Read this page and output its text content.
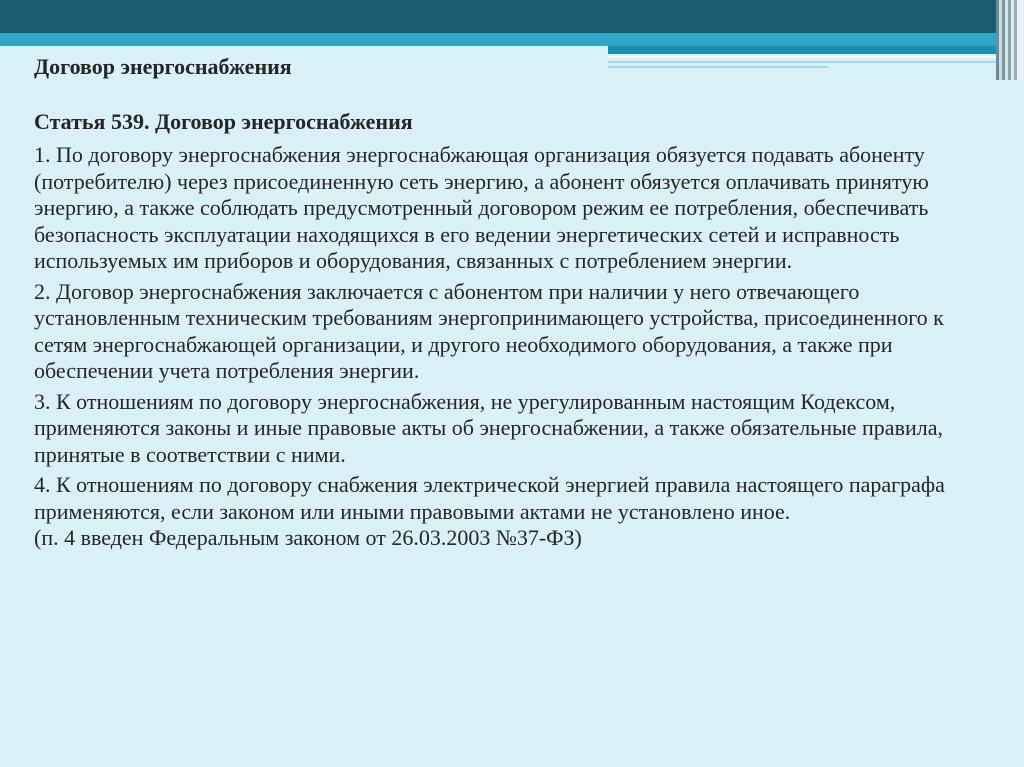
Договор энергоснабжения
Статья 539. Договор энергоснабжения
1. По договору энергоснабжения энергоснабжающая организация обязуется подавать абоненту (потребителю) через присоединенную сеть энергию, а абонент обязуется оплачивать принятую энергию, а также соблюдать предусмотренный договором режим ее потребления, обеспечивать безопасность эксплуатации находящихся в его ведении энергетических сетей и исправность используемых им приборов и оборудования, связанных с потреблением энергии.
2. Договор энергоснабжения заключается с абонентом при наличии у него отвечающего установленным техническим требованиям энергопринимающего устройства, присоединенного к сетям энергоснабжающей организации, и другого необходимого оборудования, а также при обеспечении учета потребления энергии.
3. К отношениям по договору энергоснабжения, не урегулированным настоящим Кодексом, применяются законы и иные правовые акты об энергоснабжении, а также обязательные правила, принятые в соответствии с ними.
4. К отношениям по договору снабжения электрической энергией правила настоящего параграфа применяются, если законом или иными правовыми актами не установлено иное.
(п. 4 введен Федеральным законом от 26.03.2003 №37-ФЗ)
